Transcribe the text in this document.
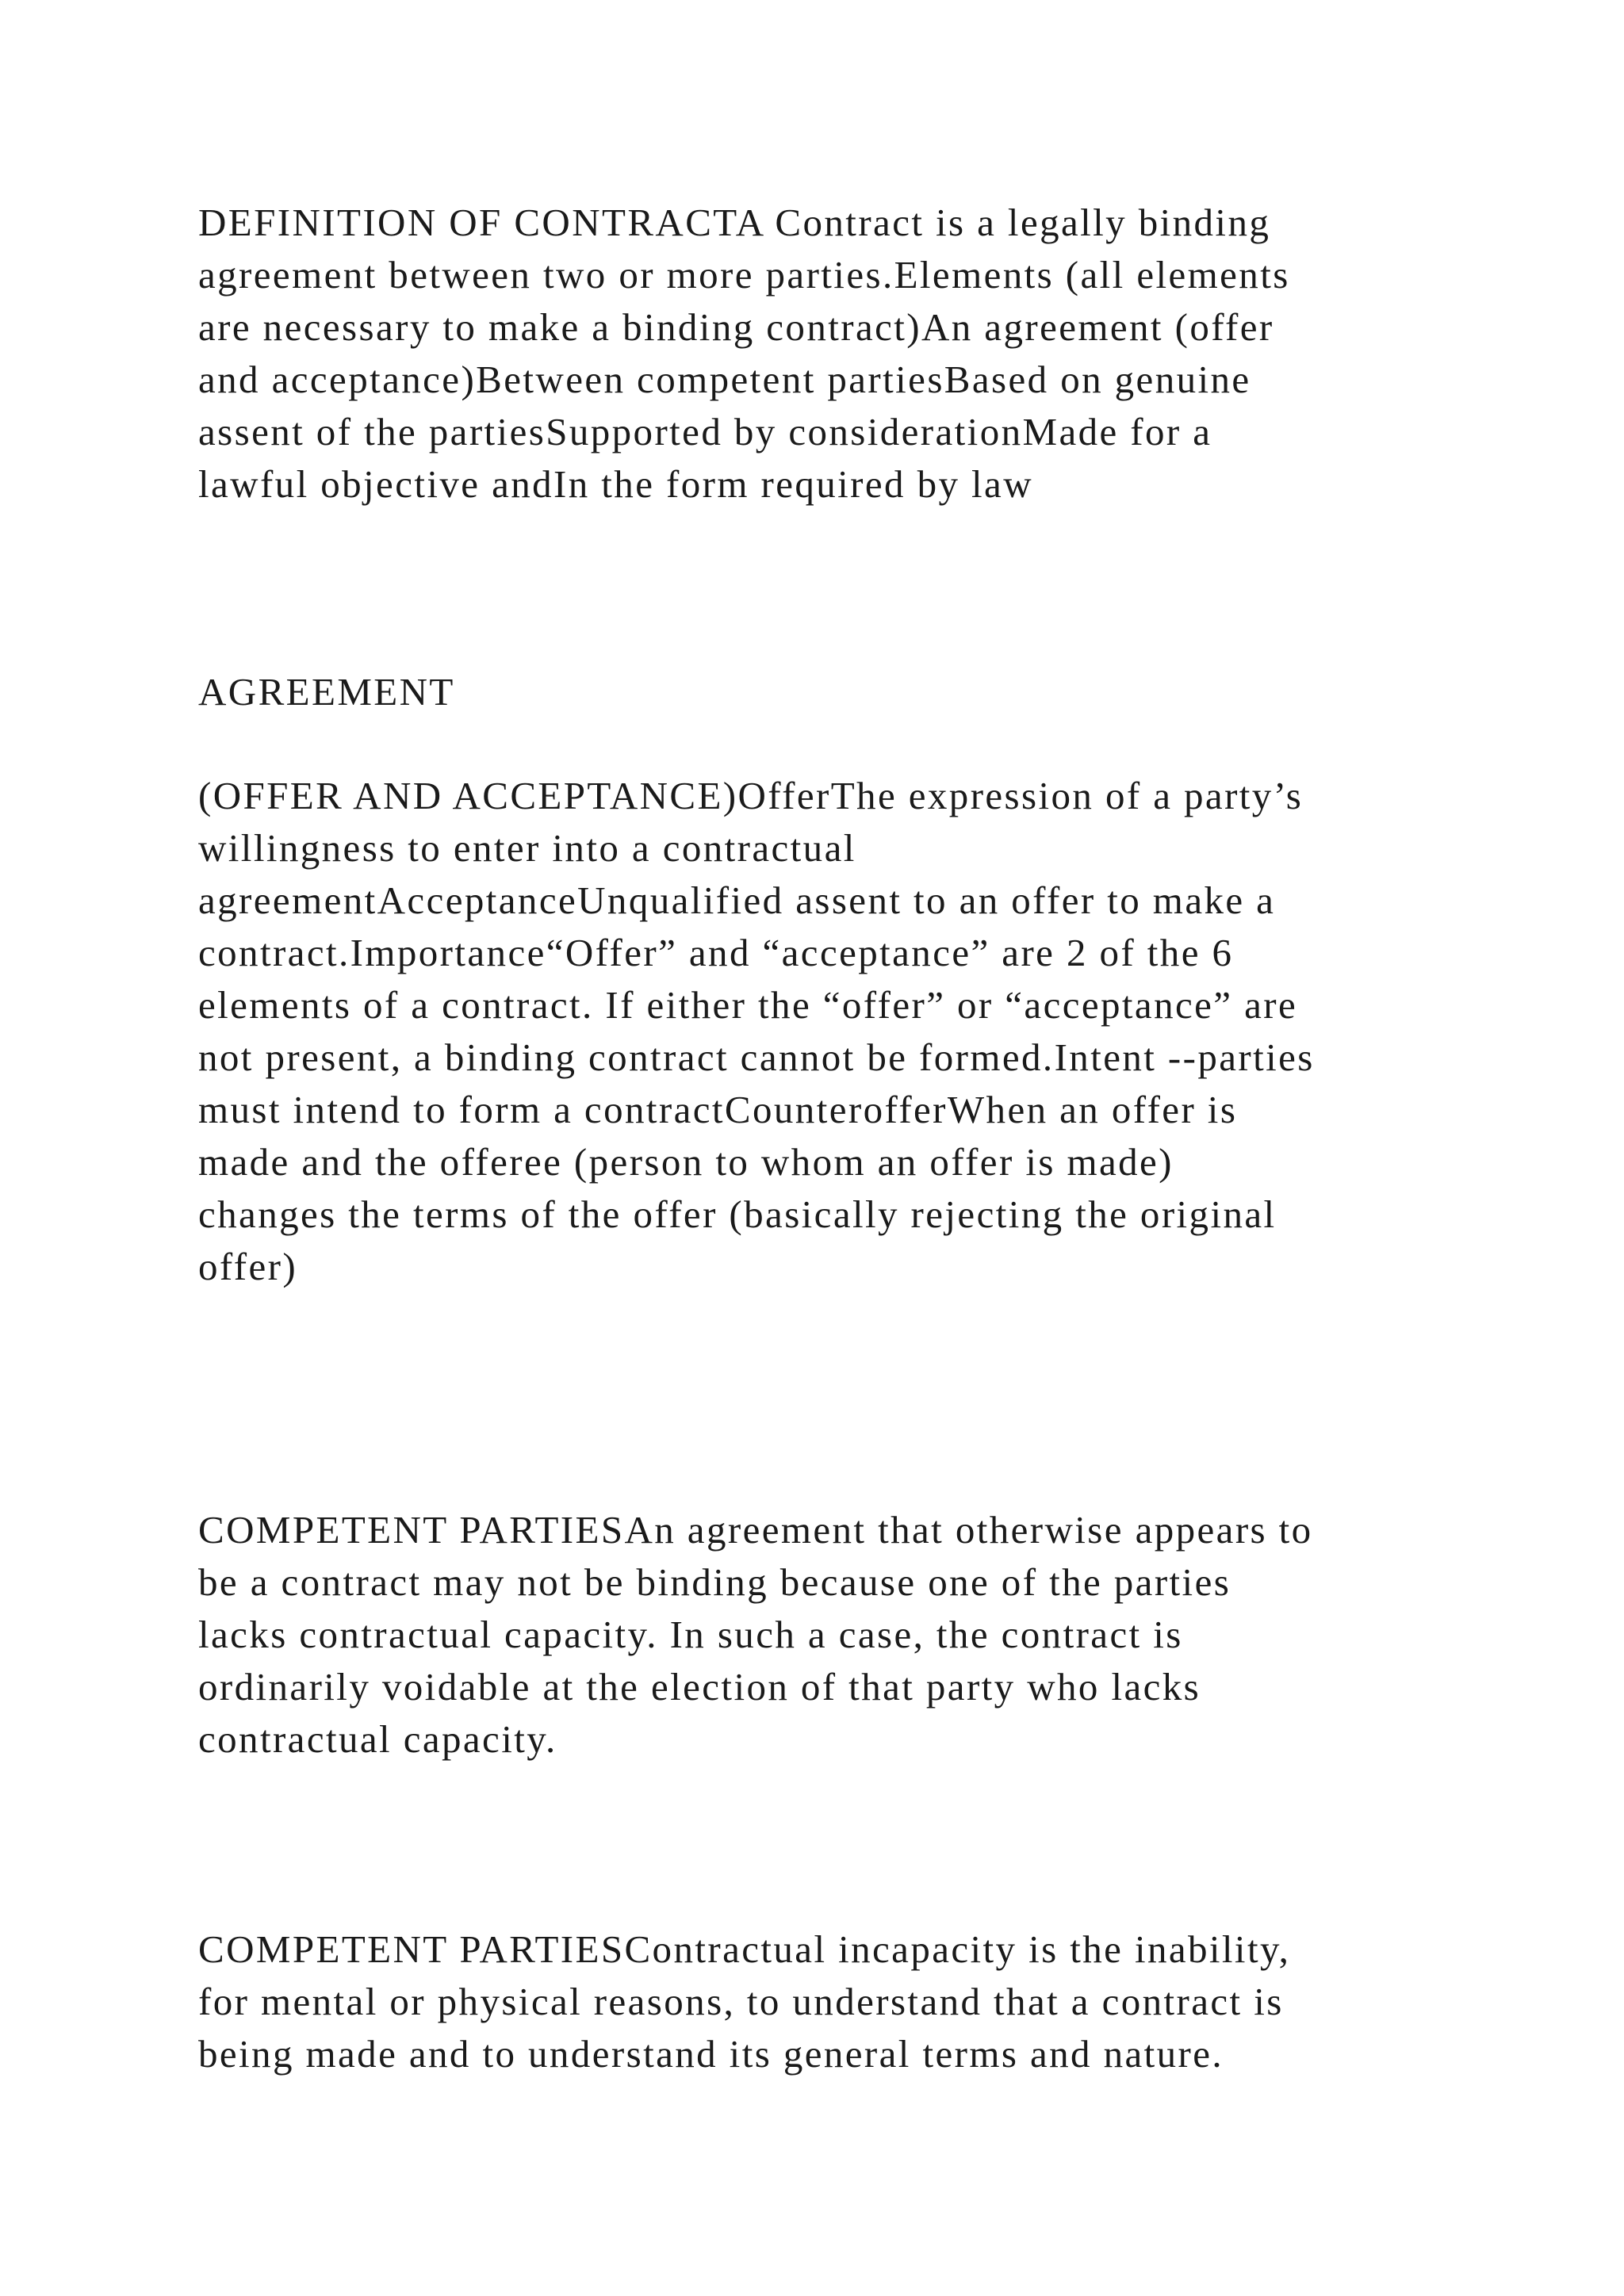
DEFINITION OF CONTRACTA Contract is a legally binding
agreement between two or more parties.Elements (all elements
are necessary to make a binding contract)An agreement (offer
and acceptance)Between competent partiesBased on genuine
assent of the partiesSupported by considerationMade for a
lawful objective andIn the form required by law

AGREEMENT

(OFFER AND ACCEPTANCE)OfferThe expression of a party’s
willingness to enter into a contractual
agreementAcceptanceUnqualified assent to an offer to make a
contract.Importance“Offer” and “acceptance” are 2 of the 6
elements of a contract. If either the “offer” or “acceptance” are
not present, a binding contract cannot be formed.Intent --parties
must intend to form a contractCounterofferWhen an offer is
made and the offeree (person to whom an offer is made)
changes the terms of the offer (basically rejecting the original
offer)

COMPETENT PARTIESAn agreement that otherwise appears to
be a contract may not be binding because one of the parties
lacks contractual capacity. In such a case, the contract is
ordinarily voidable at the election of that party who lacks
contractual capacity.

COMPETENT PARTIESContractual incapacity is the inability,
for mental or physical reasons, to understand that a contract is
being made and to understand its general terms and nature.
